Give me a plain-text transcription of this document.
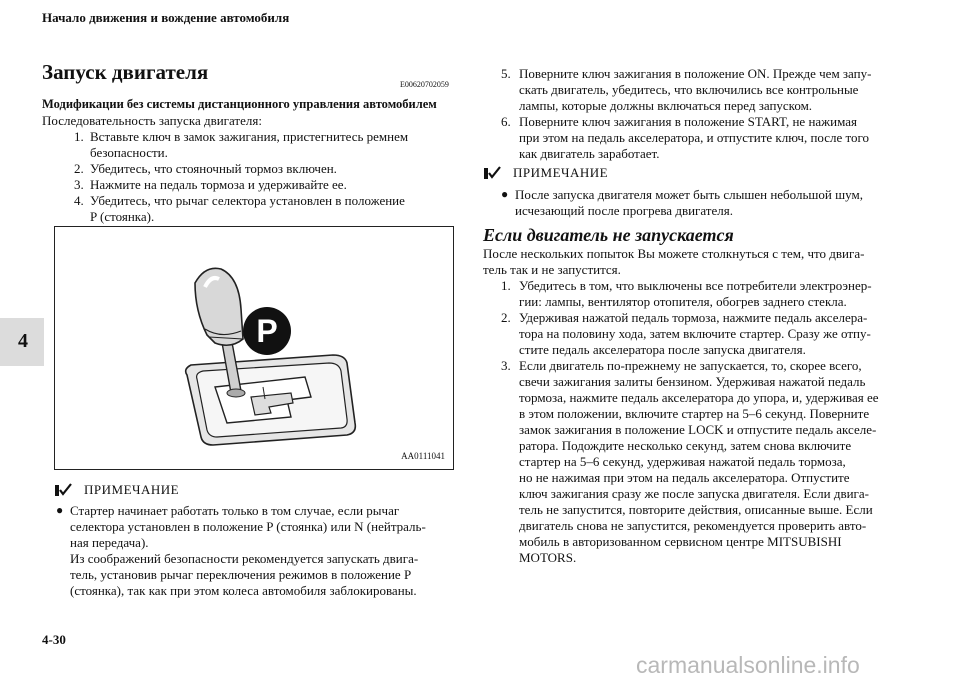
Начало движения и вождение автомобиля
4
Запуск двигателя
E00620702059
Модификации без системы дистанционного управления автомобилем
Последовательность запуска двигателя:
1. Вставьте ключ в замок зажигания, пристегнитесь ремнем
безопасности.
2. Убедитесь, что стояночный тормоз включен.
3. Нажмите на педаль тормоза и удерживайте ее.
4. Убедитесь, что рычаг селектора установлен в положение
P (стоянка).
P
AA0111041
ПРИМЕЧАНИЕ
● Стартер начинает работать только в том случае, если рычаг
селектора установлен в положение P (стоянка) или N (нейтраль-
ная передача).
Из соображений безопасности рекомендуется запускать двига-
тель, установив рычаг переключения режимов в положение P
(стоянка), так как при этом колеса автомобиля заблокированы.
5. Поверните ключ зажигания в положение ON. Прежде чем запу-
скать двигатель, убедитесь, что включились все контрольные
лампы, которые должны включаться перед запуском.
6. Поверните ключ зажигания в положение START, не нажимая
при этом на педаль акселератора, и отпустите ключ, после того
как двигатель заработает.
ПРИМЕЧАНИЕ
● После запуска двигателя может быть слышен небольшой шум,
исчезающий после прогрева двигателя.
Если двигатель не запускается
После нескольких попыток Вы можете столкнуться с тем, что двига-
тель так и не запустится.
1. Убедитесь в том, что выключены все потребители электроэнер-
гии: лампы, вентилятор отопителя, обогрев заднего стекла.
2. Удерживая нажатой педаль тормоза, нажмите педаль акселера-
тора на половину хода, затем включите стартер. Сразу же отпу-
стите педаль акселератора после запуска двигателя.
3. Если двигатель по-прежнему не запускается, то, скорее всего,
свечи зажигания залиты бензином. Удерживая нажатой педаль
тормоза, нажмите педаль акселератора до упора, и, удерживая ее
в этом положении, включите стартер на 5–6 секунд. Поверните
замок зажигания в положение LOCK и отпустите педаль акселе-
ратора. Подождите несколько секунд, затем снова включите
стартер на 5–6 секунд, удерживая нажатой педаль тормоза,
но не нажимая при этом на педаль акселератора. Отпустите
ключ зажигания сразу же после запуска двигателя. Если двига-
тель не запустится, повторите действия, описанные выше. Если
двигатель снова не запустится, рекомендуется проверить авто-
мобиль в авторизованном сервисном центре MITSUBISHI
MOTORS.
4-30
carmanualsonline.info
